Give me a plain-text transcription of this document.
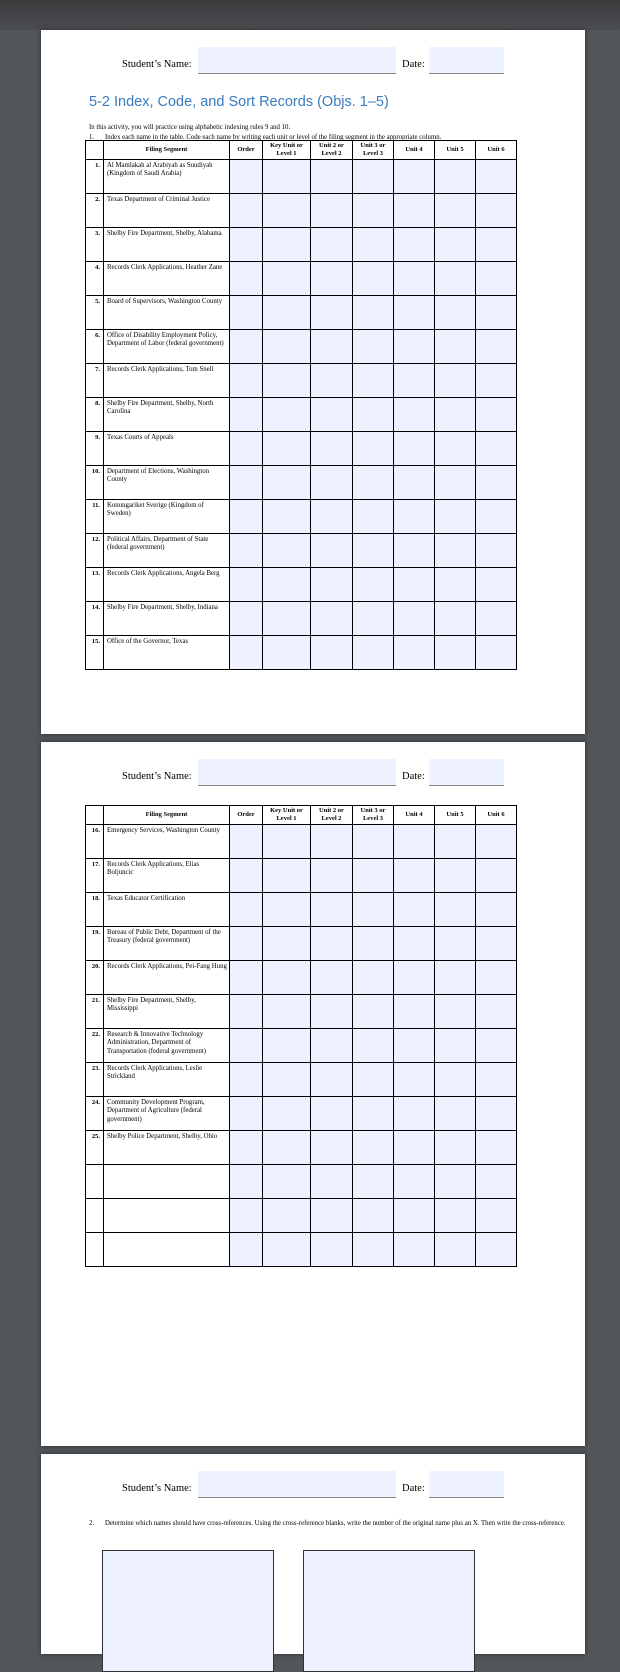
Student’s Name:	Date:
5-2 Index, Code, and Sort Records (Objs. 1–5)
In this activity, you will practice using alphabetic indexing rules 9 and 10.
1. Index each name in the table. Code each name by writing each unit or level of the filing segment in the appropriate column.
	Filing Segment	Order	Key Unit or Level 1	Unit 2 or Level 2	Unit 3 or Level 3	Unit 4	Unit 5	Unit 6
1.	Al Mamlakah al Arabiyah as Suudiyah (Kingdom of Saudi Arabia)							
2.	Texas Department of Criminal Justice							
3.	Shelby Fire Department, Shelby, Alabama							
4.	Records Clerk Applications, Heather Zane							
5.	Board of Supervisors, Washington County							
6.	Office of Disability Employment Policy, Department of Labor (federal government)							
7.	Records Clerk Applications, Tom Snell							
8.	Shelby Fire Department, Shelby, North Carolina							
9.	Texas Courts of Appeals							
10.	Department of Elections, Washington County							
11.	Konungariket Sverige (Kingdom of Sweden)							
12.	Political Affairs, Department of State (federal government)							
13.	Records Clerk Applications, Angela Berg							
14.	Shelby Fire Department, Shelby, Indiana							
15.	Office of the Governor, Texas							
Student’s Name:	Date:
	Filing Segment	Order	Key Unit or Level 1	Unit 2 or Level 2	Unit 3 or Level 3	Unit 4	Unit 5	Unit 6
16.	Emergency Services, Washington County							
17.	Records Clerk Applications, Elias Boljuncic							
18.	Texas Educator Certification							
19.	Bureau of Public Debt, Department of the Treasury (federal government)							
20.	Records Clerk Applications, Pei-Fang Hung							
21.	Shelby Fire Department, Shelby, Mississippi							
22.	Research & Innovative Technology Administration, Department of Transportation (federal government)							
23.	Records Clerk Applications, Leslie Strickland							
24.	Community Development Program, Department of Agriculture (federal government)							
25.	Shelby Police Department, Shelby, Ohio							

Student’s Name:	Date:
2.	Determine which names should have cross-references. Using the cross-reference blanks, write the number of the original name plus an X. Then write the cross-reference.
